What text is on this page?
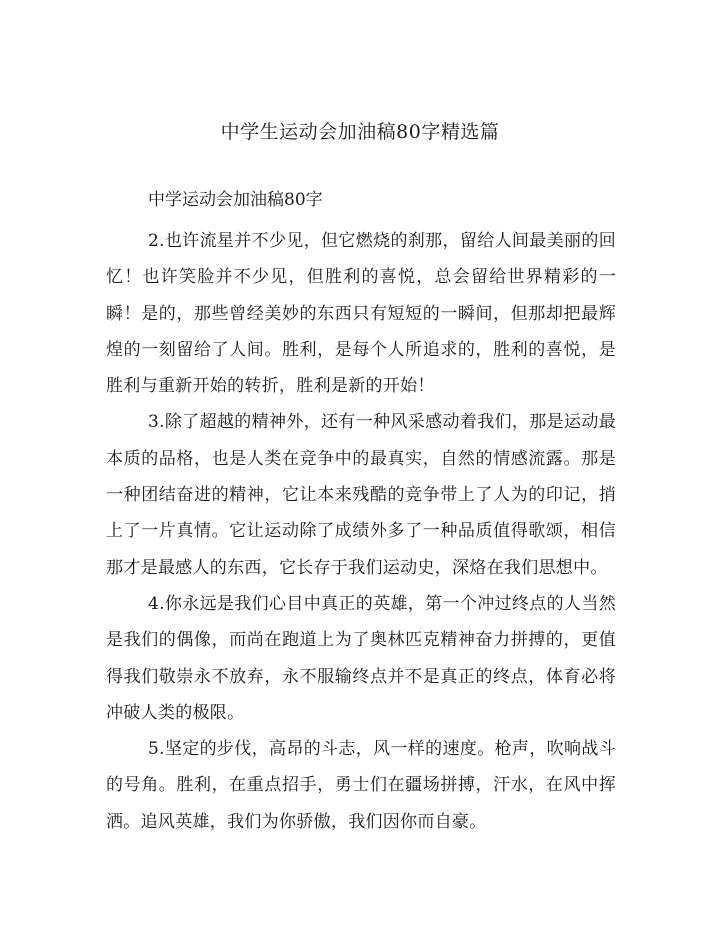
中学生运动会加油稿80字精选篇
中学运动会加油稿80字

2.也许流星并不少见，但它燃烧的刹那，留给人间最美丽的回忆！也许笑脸并不少见，但胜利的喜悦，总会留给世界精彩的一瞬！是的，那些曾经美妙的东西只有短短的一瞬间，但那却把最辉煌的一刻留给了人间。胜利，是每个人所追求的，胜利的喜悦，是胜利与重新开始的转折，胜利是新的开始！

3.除了超越的精神外，还有一种风采感动着我们，那是运动最本质的品格，也是人类在竞争中的最真实，自然的情感流露。那是一种团结奋进的精神，它让本来残酷的竞争带上了人为的印记，捎上了一片真情。它让运动除了成绩外多了一种品质值得歌颂，相信那才是最感人的东西，它长存于我们运动史，深烙在我们思想中。

4.你永远是我们心目中真正的英雄，第一个冲过终点的人当然是我们的偶像，而尚在跑道上为了奥林匹克精神奋力拼搏的，更值得我们敬崇永不放弃，永不服输终点并不是真正的终点，体育必将冲破人类的极限。

5.坚定的步伐，高昂的斗志，风一样的速度。枪声，吹响战斗的号角。胜利，在重点招手，勇士们在疆场拼搏，汗水，在风中挥洒。追风英雄，我们为你骄傲，我们因你而自豪。
